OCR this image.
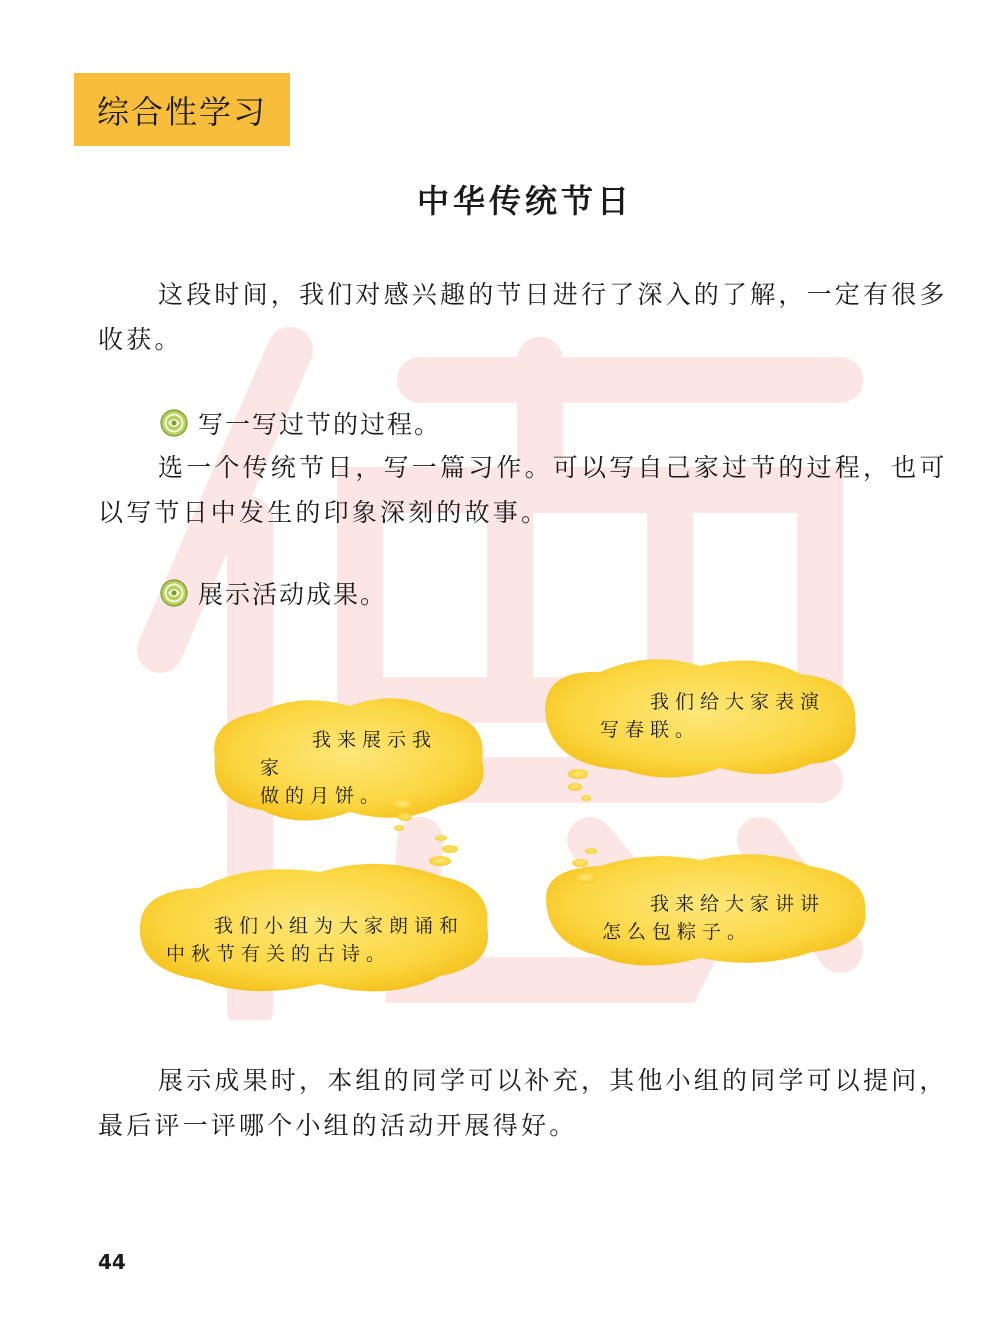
综合性学习
中华传统节日

这段时间，我们对感兴趣的节日进行了深入的了解，一定有很多收获。

写一写过节的过程。

选一个传统节日，写一篇习作。可以写自己家过节的过程，也可以写节日中发生的印象深刻的故事。

展示活动成果。
我来展示我家
做的月饼。
我们给大家表演
写春联。
我们小组为大家朗诵和
中秋节有关的古诗。
我来给大家讲讲
怎么包粽子。

展示成果时，本组的同学可以补充，其他小组的同学可以提问，最后评一评哪个小组的活动开展得好。

44
